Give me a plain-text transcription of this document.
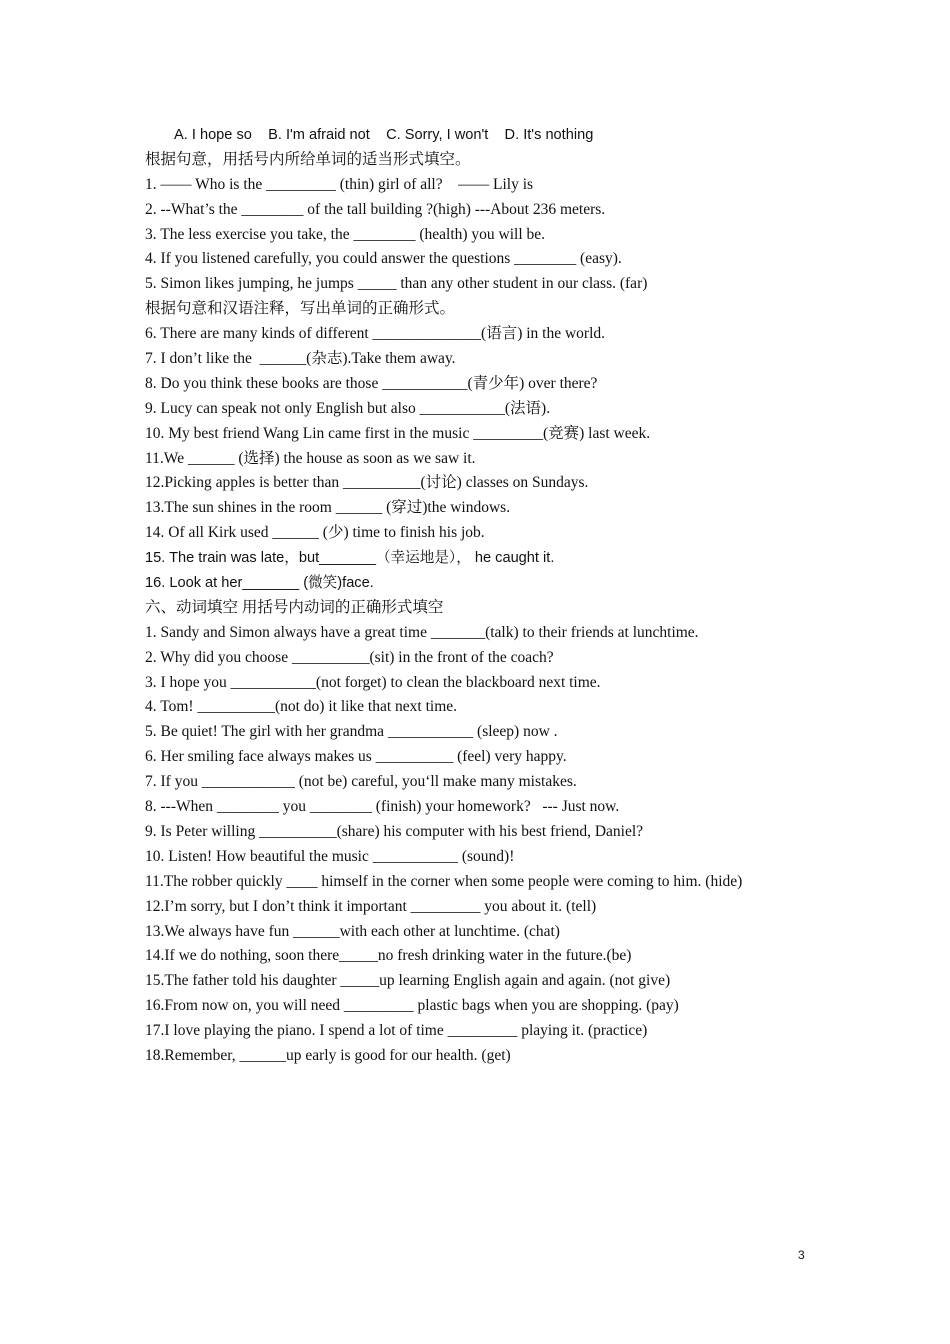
A. I hope so    B. I'm afraid not    C. Sorry, I won't    D. It's nothing
根据句意，用括号内所给单词的适当形式填空。
1. —— Who is the _________ (thin) girl of all?    —— Lily is
2. --What’s the ________ of the tall building ?(high) ---About 236 meters.
3. The less exercise you take, the ________ (health) you will be.
4. If you listened carefully, you could answer the questions ________ (easy).
5. Simon likes jumping, he jumps _____ than any other student in our class. (far)
根据句意和汉语注释，写出单词的正确形式。
6. There are many kinds of different ______________(语言) in the world.
7. I don’t like the  ______(杂志).Take them away.
8. Do you think these books are those ___________(青少年) over there?
9. Lucy can speak not only English but also ___________(法语).
10. My best friend Wang Lin came first in the music _________(竞赛) last week.
11.We ______ (选择) the house as soon as we saw it.
12.Picking apples is better than __________(讨论) classes on Sundays.
13.The sun shines in the room ______ (穿过)the windows.
14. Of all Kirk used ______ (少) time to finish his job.
15. The train was late，but_______（幸运地是）， he caught it.
16. Look at her_______ (微笑)face.
六、动词填空 用括号内动词的正确形式填空
1. Sandy and Simon always have a great time _______(talk) to their friends at lunchtime.
2. Why did you choose __________(sit) in the front of the coach?
3. I hope you ___________(not forget) to clean the blackboard next time.
4. Tom! __________(not do) it like that next time.
5. Be quiet! The girl with her grandma ___________ (sleep) now .
6. Her smiling face always makes us __________ (feel) very happy.
7. If you ____________ (not be) careful, you‘ll make many mistakes.
8. ---When ________ you ________ (finish) your homework?   --- Just now.
9. Is Peter willing __________(share) his computer with his best friend, Daniel?
10. Listen! How beautiful the music ___________ (sound)!
11.The robber quickly ____ himself in the corner when some people were coming to him. (hide)
12.I’m sorry, but I don’t think it important _________ you about it. (tell)
13.We always have fun ______with each other at lunchtime. (chat)
14.If we do nothing, soon there_____no fresh drinking water in the future.(be)
15.The father told his daughter _____up learning English again and again. (not give)
16.From now on, you will need _________ plastic bags when you are shopping. (pay)
17.I love playing the piano. I spend a lot of time _________ playing it. (practice)
18.Remember, ______up early is good for our health. (get)
3
